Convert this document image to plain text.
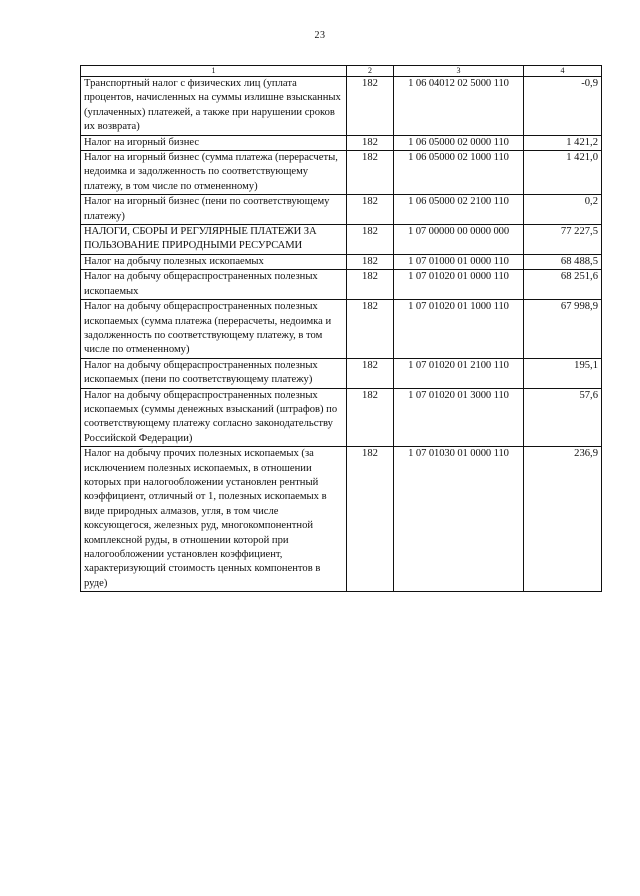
23
1	2	3	4
Транспортный налог с физических лиц (уплата процентов, начисленных на суммы излишне взысканных (уплаченных) платежей, а также при нарушении сроков их возврата)	182	1 06 04012 02 5000 110	-0,9
Налог на игорный бизнес	182	1 06 05000 02 0000 110	1 421,2
Налог на игорный бизнес (сумма платежа (перерасчеты, недоимка и задолженность по соответствующему платежу, в том числе по отмененному)	182	1 06 05000 02 1000 110	1 421,0
Налог на игорный бизнес (пени по соответствующему платежу)	182	1 06 05000 02 2100 110	0,2
НАЛОГИ, СБОРЫ И РЕГУЛЯРНЫЕ ПЛАТЕЖИ ЗА ПОЛЬЗОВАНИЕ ПРИРОДНЫМИ РЕСУРСАМИ	182	1 07 00000 00 0000 000	77 227,5
Налог на добычу полезных ископаемых	182	1 07 01000 01 0000 110	68 488,5
Налог на добычу общераспространенных полезных ископаемых	182	1 07 01020 01 0000 110	68 251,6
Налог на добычу общераспространенных полезных ископаемых (сумма платежа (перерасчеты, недоимка и задолженность по соответствующему платежу, в том числе по отмененному)	182	1 07 01020 01 1000 110	67 998,9
Налог на добычу общераспространенных полезных ископаемых (пени по соответствующему платежу)	182	1 07 01020 01 2100 110	195,1
Налог на добычу общераспространенных полезных ископаемых (суммы денежных взысканий (штрафов) по соответствующему платежу согласно законодательству Российской Федерации)	182	1 07 01020 01 3000 110	57,6
Налог на добычу прочих полезных ископаемых (за исключением полезных ископаемых, в отношении которых при налогообложении установлен рентный коэффициент, отличный от 1, полезных ископаемых в виде природных алмазов, угля, в том числе коксующегося, железных руд, многокомпонентной комплексной руды, в отношении которой при налогообложении установлен коэффициент, характеризующий стоимость ценных компонентов в руде)	182	1 07 01030 01 0000 110	236,9
